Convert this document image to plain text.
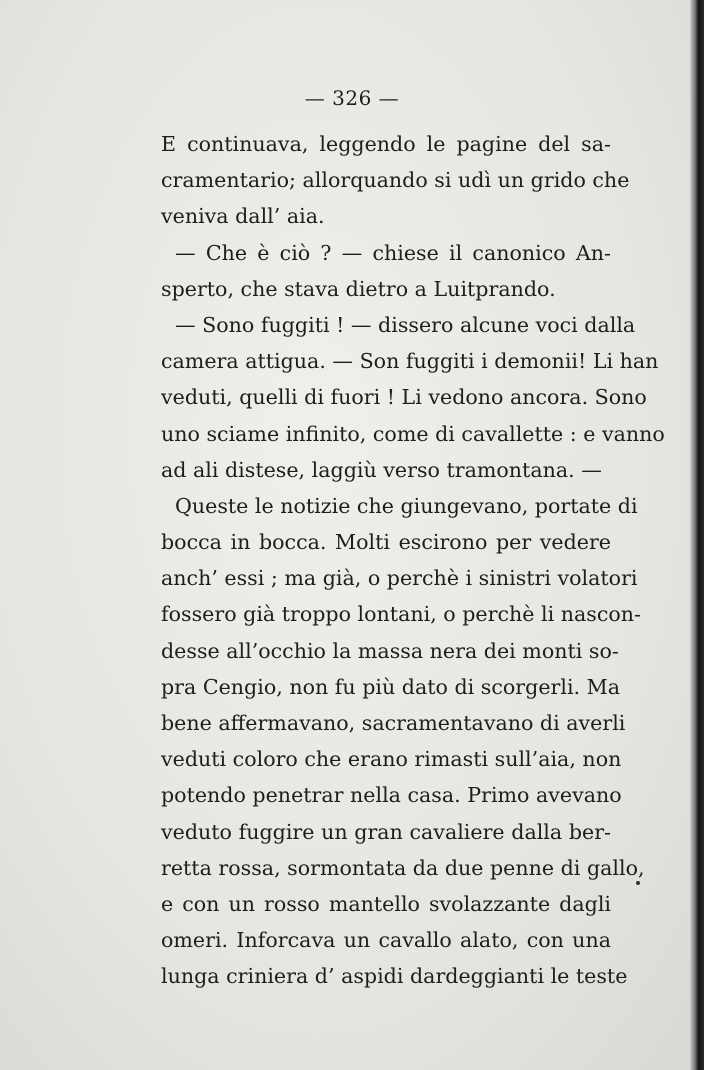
— 326 —
E continuava, leggendo le pagine del sa-
cramentario; allorquando si udì un grido che
veniva dall’ aia.
— Che è ciò ? — chiese il canonico An-
sperto, che stava dietro a Luitprando.
— Sono fuggiti ! — dissero alcune voci dalla
camera attigua. — Son fuggiti i demonii! Li han
veduti, quelli di fuori ! Li vedono ancora. Sono
uno sciame infinito, come di cavallette : e vanno
ad ali distese, laggiù verso tramontana. —
Queste le notizie che giungevano, portate di
bocca in bocca. Molti escirono per vedere
anch’ essi ; ma già, o perchè i sinistri volatori
fossero già troppo lontani, o perchè li nascon-
desse all’occhio la massa nera dei monti so-
pra Cengio, non fu più dato di scorgerli. Ma
bene affermavano, sacramentavano di averli
veduti coloro che erano rimasti sull’aia, non
potendo penetrar nella casa. Primo avevano
veduto fuggire un gran cavaliere dalla ber-
retta rossa, sormontata da due penne di gallo,
e con un rosso mantello svolazzante dagli
omeri. Inforcava un cavallo alato, con una
lunga criniera d’ aspidi dardeggianti le teste
